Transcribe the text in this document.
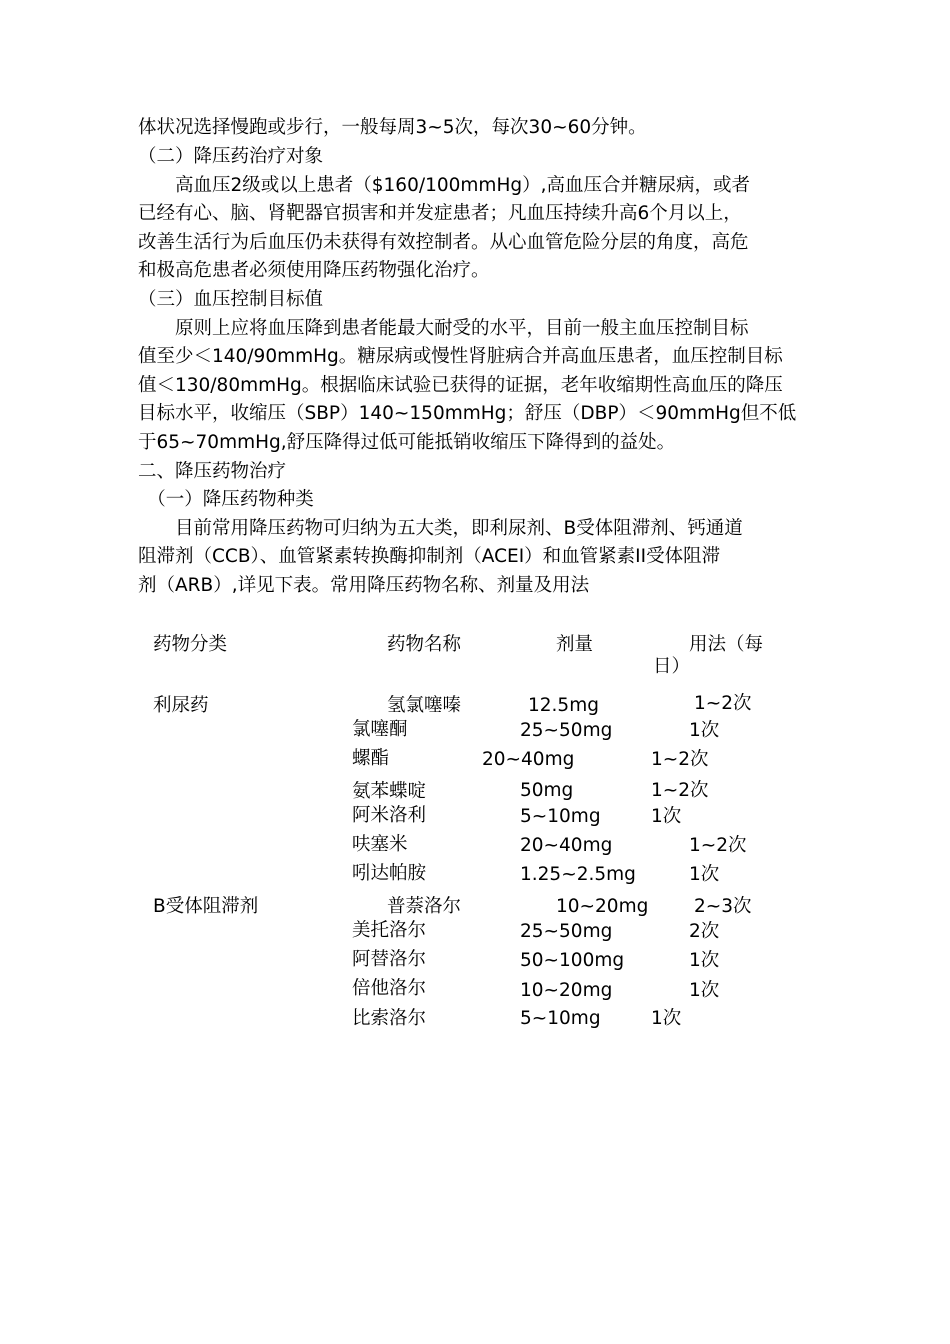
体状况选择慢跑或步行，一般每周3~5次，每次30~60分钟。
（二）降压药治疗对象
　　高血压2级或以上患者（$160/100mmHg）,高血压合并糖尿病，或者
已经有心、脑、肾靶器官损害和并发症患者；凡血压持续升高6个月以上，
改善生活行为后血压仍未获得有效控制者。从心血管危险分层的角度，高危
和极高危患者必须使用降压药物强化治疗。
（三）血压控制目标值
　　原则上应将血压降到患者能最大耐受的水平，目前一般主血压控制目标
值至少＜140/90mmHg。糖尿病或慢性肾脏病合并高血压患者，血压控制目标
值＜130/80mmHg。根据临床试验已获得的证据，老年收缩期性高血压的降压
目标水平，收缩压（SBP）140~150mmHg；舒压（DBP）＜90mmHg但不低
于65~70mmHg,舒压降得过低可能抵销收缩压下降得到的益处。
二、降压药物治疗
　（一）降压药物种类
　　目前常用降压药物可归纳为五大类，即利尿剂、B受体阻滞剂、钙通道
阻滞剂（CCB）、血管紧素转换酶抑制剂（ACEI）和血管紧素II受体阻滞
剂（ARB）,详见下表。常用降压药物名称、剂量及用法
药物分类	药物名称	剂量	用法（每
日）
利尿药	氢氯噻嗪	12.5mg	1~2次
氯噻酮	25~50mg	1次
螺酯	20~40mg	1~2次
氨苯蝶啶	50mg	1~2次
阿米洛利	5~10mg	1次
呋塞米	20~40mg	1~2次
吲达帕胺	1.25~2.5mg	1次
B受体阻滞剂	普萘洛尔	10~20mg 2~3次
美托洛尔	25~50mg	2次
阿替洛尔	50~100mg	1次
倍他洛尔	10~20mg	1次
比索洛尔	5~10mg	1次
